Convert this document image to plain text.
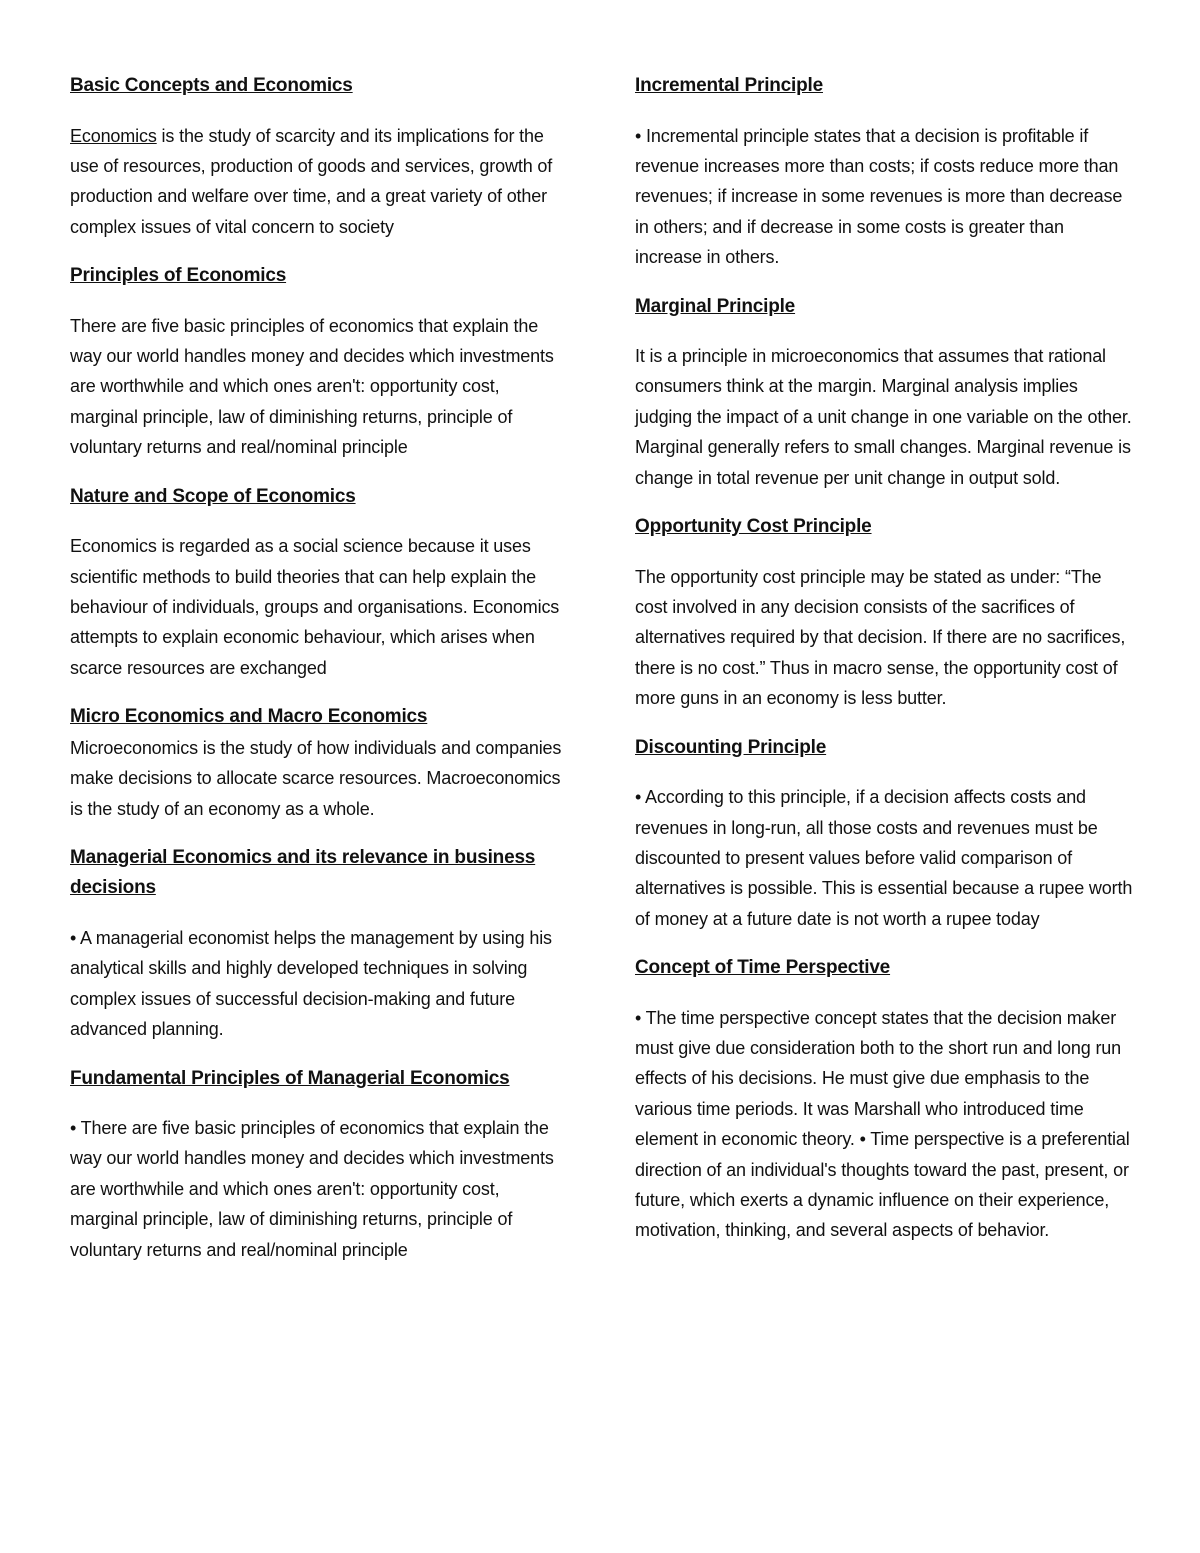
Basic Concepts and Economics
Economics is the study of scarcity and its implications for the use of resources, production of goods and services, growth of production and welfare over time, and a great variety of other complex issues of vital concern to society
Principles of Economics
There are five basic principles of economics that explain the way our world handles money and decides which investments are worthwhile and which ones aren't: opportunity cost, marginal principle, law of diminishing returns, principle of voluntary returns and real/nominal principle
Nature and Scope of Economics
Economics is regarded as a social science because it uses scientific methods to build theories that can help explain the behaviour of individuals, groups and organisations. Economics attempts to explain economic behaviour, which arises when scarce resources are exchanged
Micro Economics and Macro Economics
Microeconomics is the study of how individuals and companies make decisions to allocate scarce resources. Macroeconomics is the study of an economy as a whole.
Managerial Economics and its relevance in business decisions
• A managerial economist helps the management by using his analytical skills and highly developed techniques in solving complex issues of successful decision-making and future advanced planning.
Fundamental Principles of Managerial Economics
• There are five basic principles of economics that explain the way our world handles money and decides which investments are worthwhile and which ones aren't: opportunity cost, marginal principle, law of diminishing returns, principle of voluntary returns and real/nominal principle
Incremental Principle
• Incremental principle states that a decision is profitable if revenue increases more than costs; if costs reduce more than revenues; if increase in some revenues is more than decrease in others; and if decrease in some costs is greater than increase in others.
Marginal Principle
It is a principle in microeconomics that assumes that rational consumers think at the margin. Marginal analysis implies judging the impact of a unit change in one variable on the other. Marginal generally refers to small changes. Marginal revenue is change in total revenue per unit change in output sold.
Opportunity Cost Principle
The opportunity cost principle may be stated as under: “The cost involved in any decision consists of the sacrifices of alternatives required by that decision. If there are no sacrifices, there is no cost.” Thus in macro sense, the opportunity cost of more guns in an economy is less butter.
Discounting Principle
• According to this principle, if a decision affects costs and revenues in long-run, all those costs and revenues must be discounted to present values before valid comparison of alternatives is possible. This is essential because a rupee worth of money at a future date is not worth a rupee today
Concept of Time Perspective
• The time perspective concept states that the decision maker must give due consideration both to the short run and long run effects of his decisions. He must give due emphasis to the various time periods. It was Marshall who introduced time element in economic theory. • Time perspective is a preferential direction of an individual's thoughts toward the past, present, or future, which exerts a dynamic influence on their experience, motivation, thinking, and several aspects of behavior.
